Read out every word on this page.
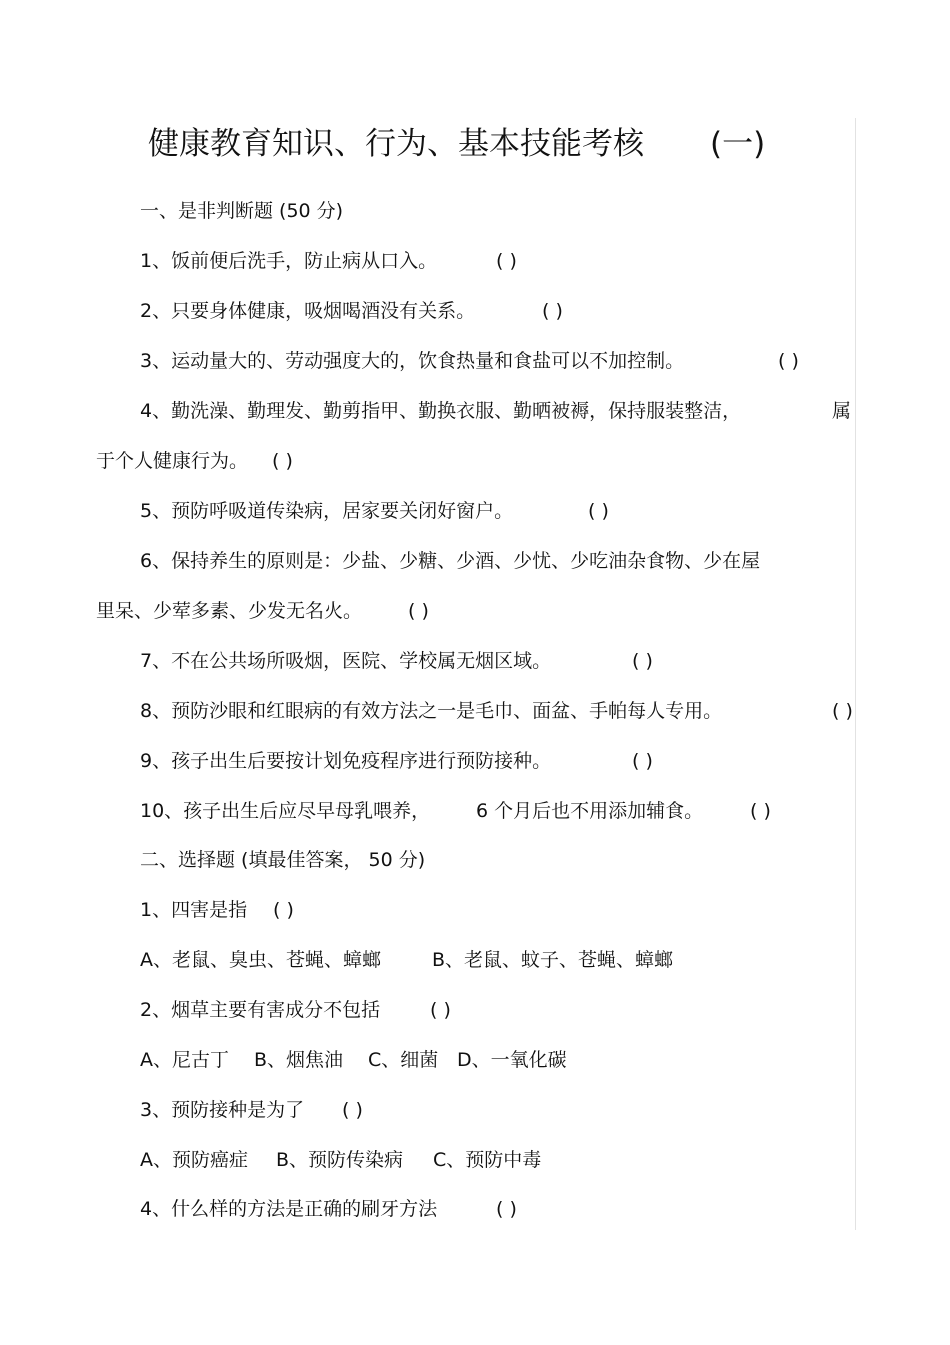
健康教育知识、行为、基本技能考核 (一)
一、是非判断题 (50 分)
1、饭前便后洗手，防止病从口入。	( )
2、只要身体健康，吸烟喝酒没有关系。	( )
3、运动量大的、劳动强度大的，饮食热量和食盐可以不加控制。	( )
4、勤洗澡、勤理发、勤剪指甲、勤换衣服、勤晒被褥，保持服装整洁，	属
于个人健康行为。 ( )
5、预防呼吸道传染病，居家要关闭好窗户。	( )
6、保持养生的原则是：少盐、少糖、少酒、少忧、少吃油杂食物、少在屋
里呆、少荤多素、少发无名火。 ( )
7、不在公共场所吸烟，医院、学校属无烟区域。	( )
8、预防沙眼和红眼病的有效方法之一是毛巾、面盆、手帕每人专用。	( )
9、孩子出生后要按计划免疫程序进行预防接种。	( )
10、孩子出生后应尽早母乳喂养， 6 个月后也不用添加辅食。 ( )
二、选择题 (填最佳答案， 50 分)
1、四害是指 ( )
A、老鼠、臭虫、苍蝇、蟑螂	B、老鼠、蚊子、苍蝇、蟑螂
2、烟草主要有害成分不包括	( )
A、尼古丁 B、烟焦油 C、细菌 D、一氧化碳
3、预防接种是为了 ( )
A、预防癌症 B、预防传染病 C、预防中毒
4、什么样的方法是正确的刷牙方法	( )
